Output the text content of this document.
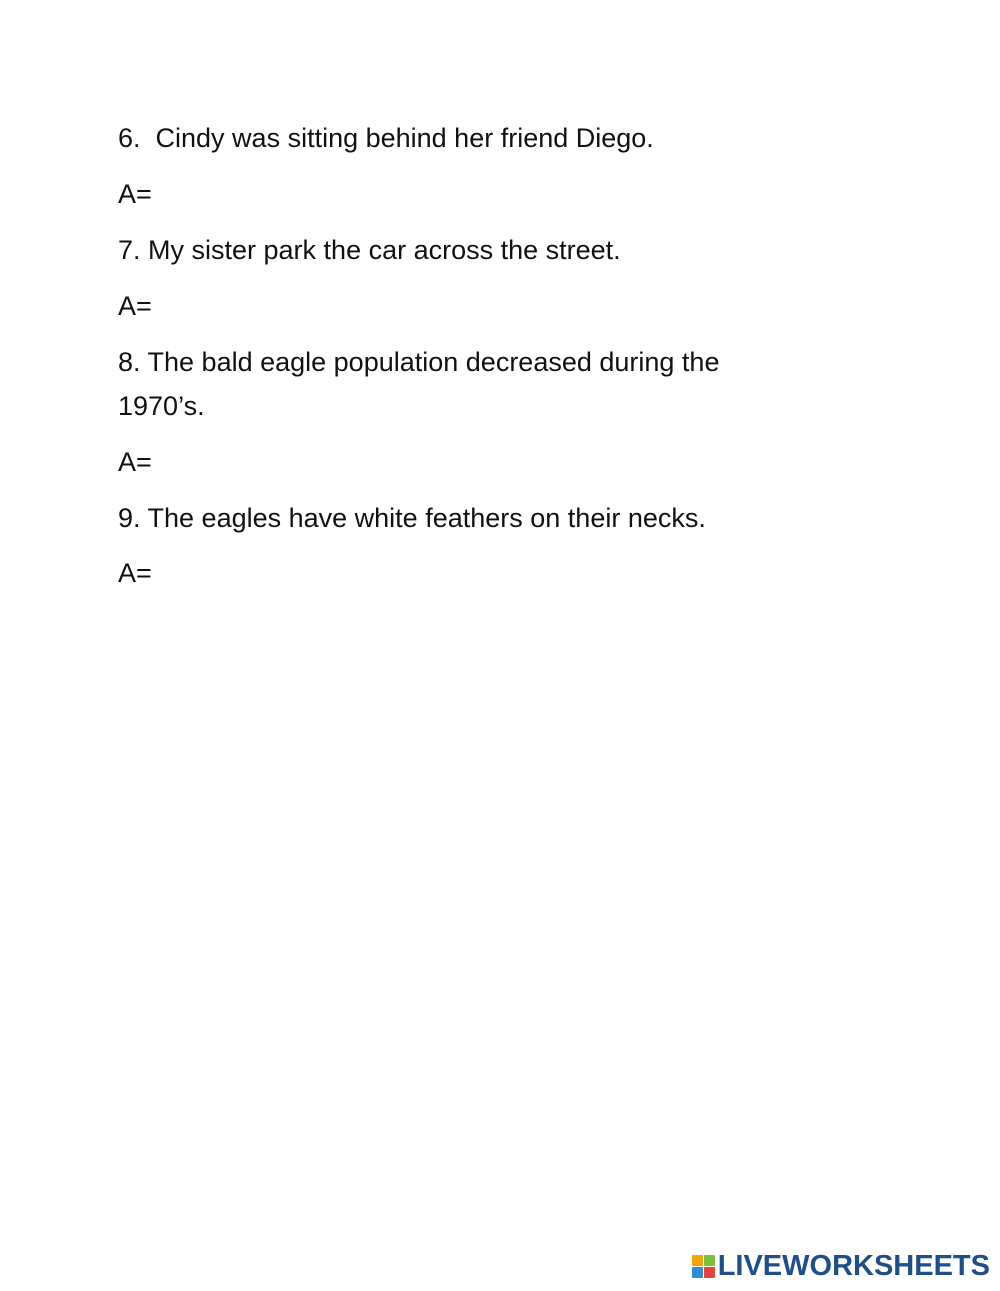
6.  Cindy was sitting behind her friend Diego.

A=

7. My sister park the car across the street.

A=

8. The bald eagle population decreased during the

1970’s.

A=

9. The eagles have white feathers on their necks.

A=

LIVEWORKSHEETS
